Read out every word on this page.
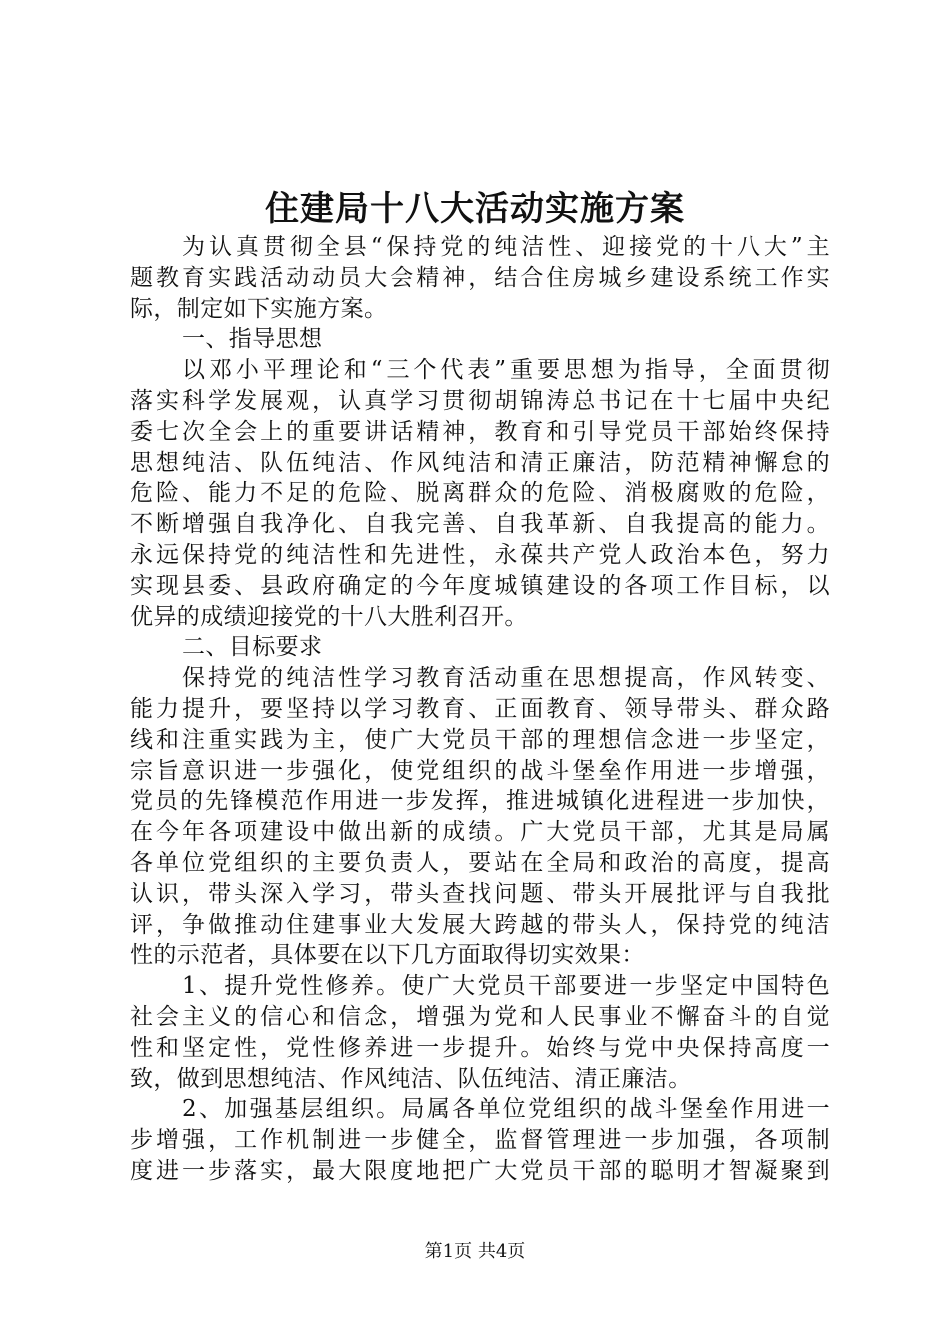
住建局十八大活动实施方案
为认真贯彻全县“保持党的纯洁性、迎接党的十八大”主
题教育实践活动动员大会精神，结合住房城乡建设系统工作实
际，制定如下实施方案。
一、指导思想
以邓小平理论和“三个代表”重要思想为指导，全面贯彻
落实科学发展观，认真学习贯彻胡锦涛总书记在十七届中央纪
委七次全会上的重要讲话精神，教育和引导党员干部始终保持
思想纯洁、队伍纯洁、作风纯洁和清正廉洁，防范精神懈怠的
危险、能力不足的危险、脱离群众的危险、消极腐败的危险，
不断增强自我净化、自我完善、自我革新、自我提高的能力。
永远保持党的纯洁性和先进性，永葆共产党人政治本色，努力
实现县委、县政府确定的今年度城镇建设的各项工作目标，以
优异的成绩迎接党的十八大胜利召开。
二、目标要求
保持党的纯洁性学习教育活动重在思想提高，作风转变、
能力提升，要坚持以学习教育、正面教育、领导带头、群众路
线和注重实践为主，使广大党员干部的理想信念进一步坚定，
宗旨意识进一步强化，使党组织的战斗堡垒作用进一步增强，
党员的先锋模范作用进一步发挥，推进城镇化进程进一步加快，
在今年各项建设中做出新的成绩。广大党员干部，尤其是局属
各单位党组织的主要负责人，要站在全局和政治的高度，提高
认识，带头深入学习，带头查找问题、带头开展批评与自我批
评，争做推动住建事业大发展大跨越的带头人，保持党的纯洁
性的示范者，具体要在以下几方面取得切实效果：
1、提升党性修养。使广大党员干部要进一步坚定中国特色
社会主义的信心和信念，增强为党和人民事业不懈奋斗的自觉
性和坚定性，党性修养进一步提升。始终与党中央保持高度一
致，做到思想纯洁、作风纯洁、队伍纯洁、清正廉洁。
2、加强基层组织。局属各单位党组织的战斗堡垒作用进一
步增强，工作机制进一步健全，监督管理进一步加强，各项制
度进一步落实，最大限度地把广大党员干部的聪明才智凝聚到
第1页 共4页
